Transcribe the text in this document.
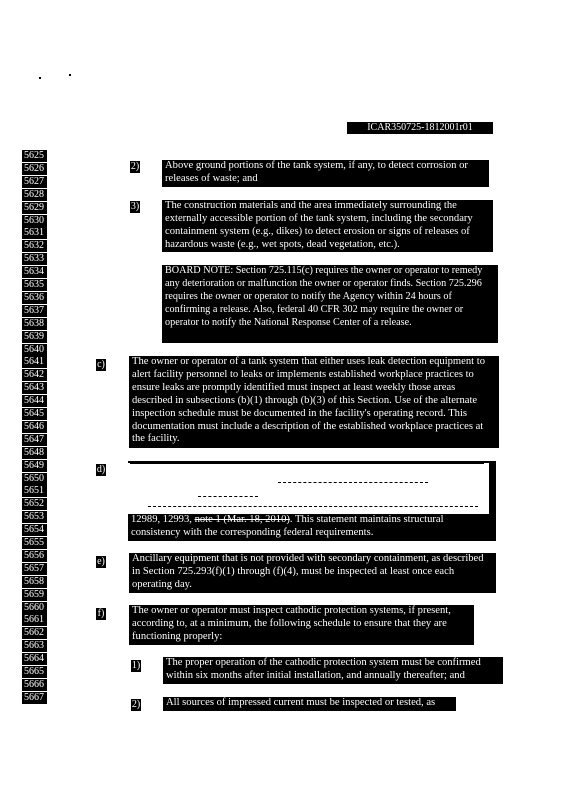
ICAR350725-1812001r01
5625
5626
5627
5628
5629
5630
5631
5632
5633
5634
5635
5636
5637
5638
5639
5640
5641
5642
5643
5644
5645
5646
5647
5648
5649
5650
5651
5652
5653
5654
5655
5656
5657
5658
5659
5660
5661
5662
5663
5664
5665
5666
5667
2) Above ground portions of the tank system, if any, to detect corrosion or releases of waste; and
3) The construction materials and the area immediately surrounding the externally accessible portion of the tank system, including the secondary containment system (e.g., dikes) to detect erosion or signs of releases of hazardous waste (e.g., wet spots, dead vegetation, etc.).
BOARD NOTE: Section 725.115(c) requires the owner or operator to remedy any deterioration or malfunction the owner or operator finds. Section 725.296 requires the owner or operator to notify the Agency within 24 hours of confirming a release. Also, federal 40 CFR 302 may require the owner or operator to notify the National Response Center of a release.
c)	The owner or operator of a tank system that either uses leak detection equipment to alert facility personnel to leaks or implements established workplace practices to ensure leaks are promptly identified must inspect at least weekly those areas described in subsections (b)(1) through (b)(3) of this Section. Use of the alternate inspection schedule must be documented in the facility's operating record. This documentation must include a description of the established workplace practices at the facility.
d)
12989, 12993, note 1 (Mar. 18, 2010). This statement maintains structural consistency with the corresponding federal requirements.
e)	Ancillary equipment that is not provided with secondary containment, as described in Section 725.293(f)(1) through (f)(4), must be inspected at least once each operating day.
f)	The owner or operator must inspect cathodic protection systems, if present, according to, at a minimum, the following schedule to ensure that they are functioning properly:
1) The proper operation of the cathodic protection system must be confirmed within six months after initial installation, and annually thereafter; and
2) All sources of impressed current must be inspected or tested, as
